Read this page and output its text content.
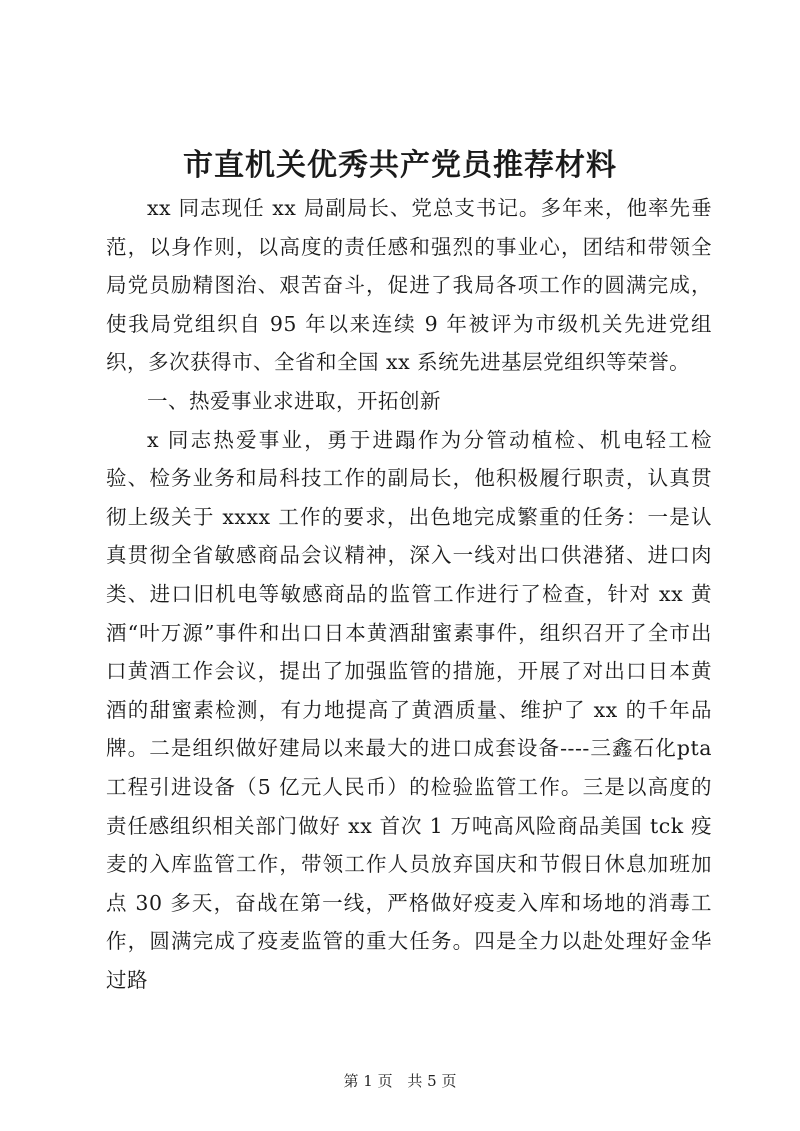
市直机关优秀共产党员推荐材料

xx 同志现任 xx 局副局长、党总支书记。多年来，他率先垂范，以身作则，以高度的责任感和强烈的事业心，团结和带领全局党员励精图治、艰苦奋斗，促进了我局各项工作的圆满完成，使我局党组织自 95 年以来连续 9 年被评为市级机关先进党组织，多次获得市、全省和全国 xx 系统先进基层党组织等荣誉。

一、热爱事业求进取，开拓创新

x 同志热爱事业，勇于进蹋作为分管动植检、机电轻工检验、检务业务和局科技工作的副局长，他积极履行职责，认真贯彻上级关于 xxxx 工作的要求，出色地完成繁重的任务：一是认真贯彻全省敏感商品会议精神，深入一线对出口供港猪、进口肉类、进口旧机电等敏感商品的监管工作进行了检查，针对 xx 黄酒“叶万源”事件和出口日本黄酒甜蜜素事件，组织召开了全市出口黄酒工作会议，提出了加强监管的措施，开展了对出口日本黄酒的甜蜜素检测，有力地提高了黄酒质量、维护了 xx 的千年品牌。二是组织做好建局以来最大的进口成套设备----三鑫石化pta工程引进设备（5 亿元人民币）的检验监管工作。三是以高度的责任感组织相关部门做好 xx 首次 1 万吨高风险商品美国 tck 疫麦的入库监管工作，带领工作人员放弃国庆和节假日休息加班加点 30 多天，奋战在第一线，严格做好疫麦入库和场地的消毒工作，圆满完成了疫麦监管的重大任务。四是全力以赴处理好金华过路

第 1 页 共 5 页
